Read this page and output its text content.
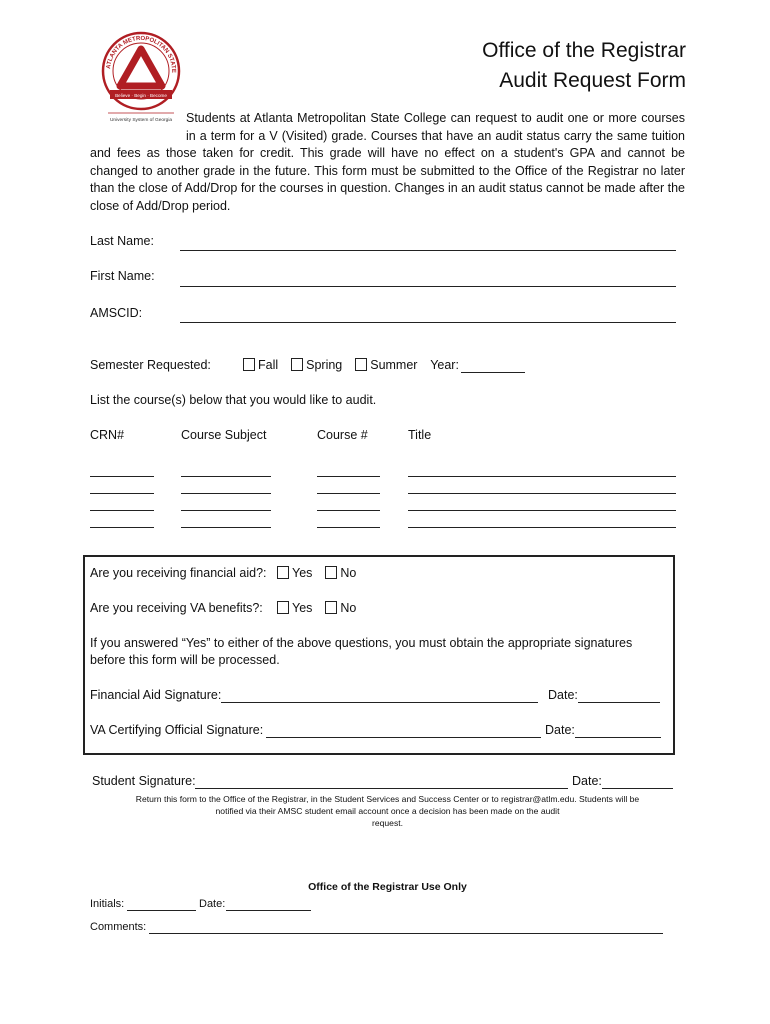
ATLANTA METROPOLITAN STATE
Believe · Begin · Become
University System of Georgia
Office of the Registrar
Audit Request Form
Students at Atlanta Metropolitan State College can request to audit one or more courses
in a term for a V (Visited) grade. Courses that have an audit status carry the same tuition
and fees as those taken for credit. This grade will have no effect on a student's GPA and cannot be changed to another grade in the future. This form must be submitted to the Office of the Registrar no later than the close of Add/Drop for the courses in question. Changes in an audit status cannot be made after the close of Add/Drop period.
Last Name:
First Name:
AMSCID:
Semester Requested:	Fall Spring Summer Year:
List the course(s) below that you would like to audit.
CRN#	Course Subject	Course #	Title
Are you receiving financial aid?:	Yes No
Are you receiving VA benefits?:	Yes No
If you answered “Yes” to either of the above questions, you must obtain the appropriate signatures
before this form will be processed.
Financial Aid Signature:	Date:
VA Certifying Official Signature:	Date:
Student Signature:	Date:
Return this form to the Office of the Registrar, in the Student Services and Success Center or to registrar@atlm.edu. Students will be
notified via their AMSC student email account once a decision has been made on the audit
request.
Office of the Registrar Use Only
Initials:	Date:
Comments:
